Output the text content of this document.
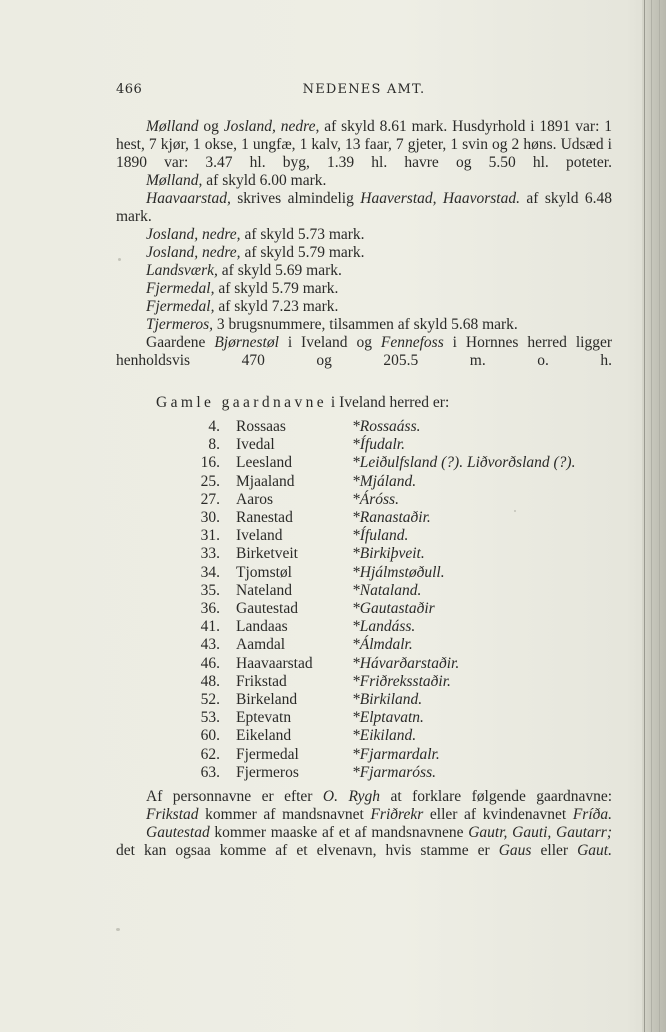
466	NEDENES AMT.
Mølland og Josland, nedre, af skyld 8.61 mark. Husdyrhold i 1891 var: 1 hest, 7 kjør, 1 okse, 1 ungfæ, 1 kalv, 13 faar, 7 gjeter, 1 svin og 2 høns. Udsæd i 1890 var: 3.47 hl. byg, 1.39 hl. havre og 5.50 hl. poteter.
Mølland, af skyld 6.00 mark.
Haavaarstad, skrives almindelig Haaverstad, Haavorstad. af skyld 6.48 mark.
Josland, nedre, af skyld 5.73 mark.
Josland, nedre, af skyld 5.79 mark.
Landsværk, af skyld 5.69 mark.
Fjermedal, af skyld 5.79 mark.
Fjermedal, af skyld 7.23 mark.
Tjermeros, 3 brugsnummere, tilsammen af skyld 5.68 mark.
Gaardene Bjørnestøl i Iveland og Fennefoss i Hornnes herred ligger henholdsvis 470 og 205.5 m. o. h.
Gamle gaardnavne i Iveland herred er:
4.	Rossaas	*Rossaáss.
8.	Ivedal	*Ífudalr.
16.	Leesland	*Leiðulfsland (?). Liðvorðsland (?).
25.	Mjaaland	*Mjáland.
27.	Aaros	*Áróss.
30.	Ranestad	*Ranastaðir.
31.	Iveland	*Ífuland.
33.	Birketveit	*Birkiþveit.
34.	Tjomstøl	*Hjálmstøðull.
35.	Nateland	*Nataland.
36.	Gautestad	*Gautastaðir
41.	Landaas	*Landáss.
43.	Aamdal	*Álmdalr.
46.	Haavaarstad	*Hávarðarstaðir.
48.	Frikstad	*Friðreksstaðir.
52.	Birkeland	*Birkiland.
53.	Eptevatn	*Elptavatn.
60.	Eikeland	*Eikiland.
62.	Fjermedal	*Fjarmardalr.
63.	Fjermeros	*Fjarmaróss.
Af personnavne er efter O. Rygh at forklare følgende gaardnavne:
Frikstad kommer af mandsnavnet Friðrekr eller af kvindenavnet Fríða.
Gautestad kommer maaske af et af mandsnavnene Gautr, Gauti, Gautarr; det kan ogsaa komme af et elvenavn, hvis stamme er Gaus eller Gaut.
